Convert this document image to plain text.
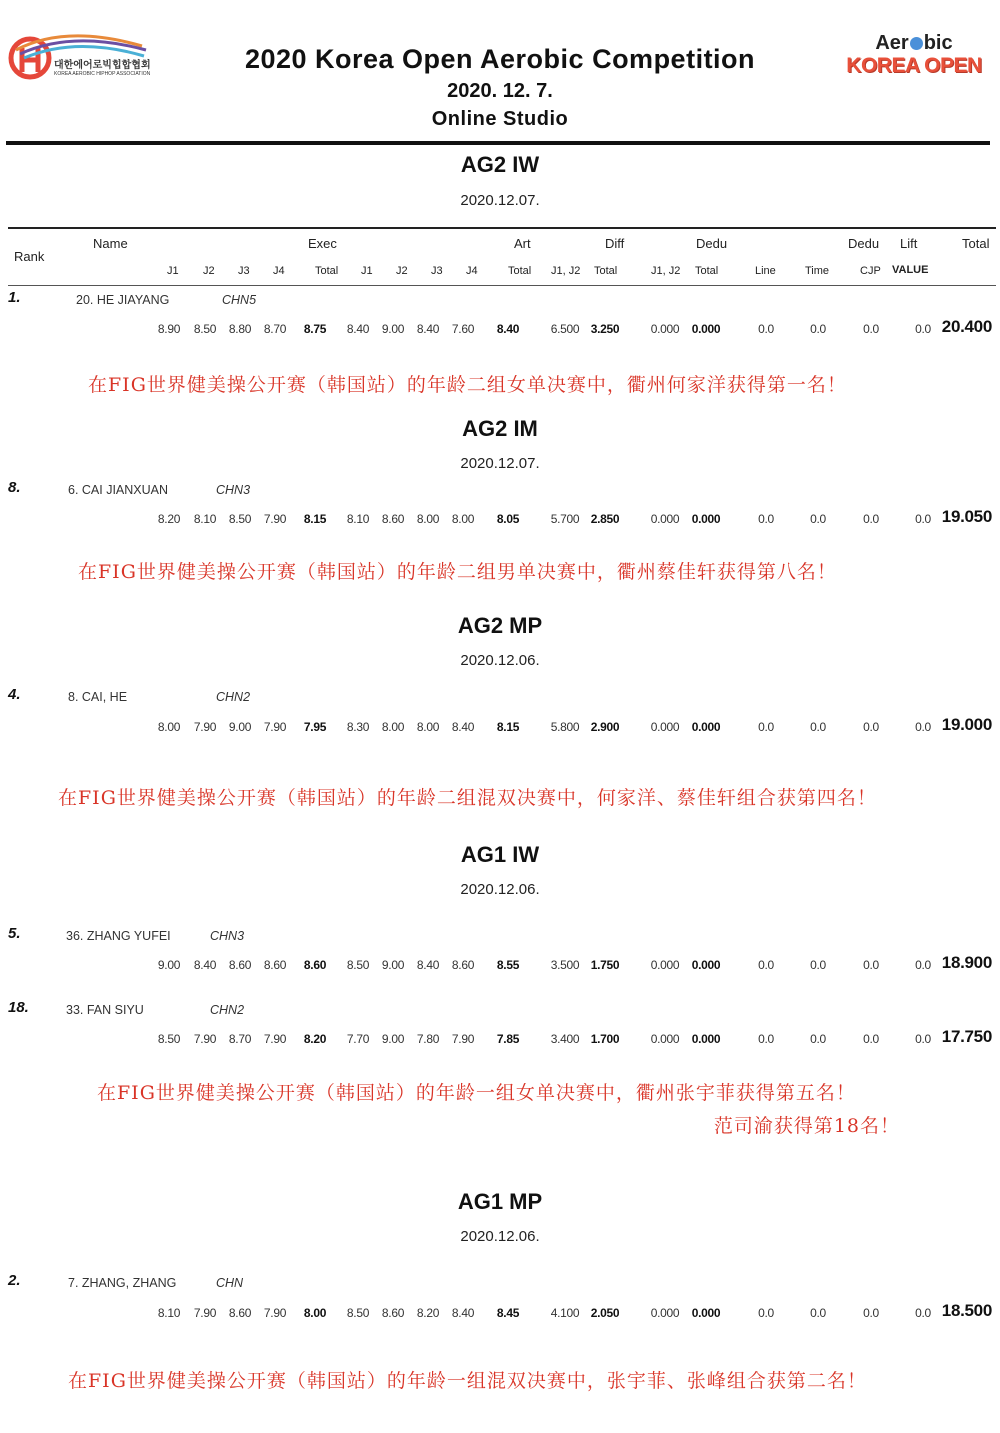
대한에어로빅힙합협회
KOREA AEROBIC HIPHOP ASSOCIATION
Aer bic
KOREA OPEN
2020 Korea Open Aerobic Competition
2020. 12. 7.
Online Studio
Rank
Name	Exec	Art	Diff	Dedu	Dedu Lift	Total
J1 J2 J3 J4	Total J1 J2 J3 J4	Total J1, J2 Total	J1, J2 Total	Line	Time	CJP VALUE
AG2 IW
2020.12.07.
1.	20. HE JIAYANG	CHN5
8.90 8.50 8.80 8.70 8.75 8.40 9.00 8.40 7.60 8.40	6.500 3.250	0.000 0.000	0.0	0.0	0.0	0.0 20.400
在FIG世界健美操公开赛（韩国站）的年龄二组女单决赛中，衢州何家洋获得第一名！
AG2 IM
2020.12.07.
8.	6. CAI JIANXUAN	CHN3
8.20 8.10 8.50 7.90 8.15 8.10 8.60 8.00 8.00 8.05	5.700 2.850	0.000 0.000	0.0	0.0	0.0	0.0 19.050
在FIG世界健美操公开赛（韩国站）的年龄二组男单决赛中，衢州蔡佳轩获得第八名！
AG2 MP
2020.12.06.
4.	8. CAI, HE	CHN2
8.00 7.90 9.00 7.90 7.95 8.30 8.00 8.00 8.40 8.15	5.800 2.900	0.000 0.000	0.0	0.0	0.0	0.0 19.000
在FIG世界健美操公开赛（韩国站）的年龄二组混双决赛中，何家洋、蔡佳轩组合获第四名！
AG1 IW
2020.12.06.
5.	36. ZHANG YUFEI	CHN3
9.00 8.40 8.60 8.60 8.60 8.50 9.00 8.40 8.60 8.55	3.500 1.750	0.000 0.000	0.0	0.0	0.0	0.0 18.900
18.	33. FAN SIYU	CHN2
8.50 7.90 8.70 7.90 8.20 7.70 9.00 7.80 7.90 7.85	3.400 1.700	0.000 0.000	0.0	0.0	0.0	0.0 17.750
在FIG世界健美操公开赛（韩国站）的年龄一组女单决赛中，衢州张宇菲获得第五名！
范司渝获得第18名！
AG1 MP
2020.12.06.
2.	7. ZHANG, ZHANG	CHN
8.10 7.90 8.60 7.90 8.00 8.50 8.60 8.20 8.40 8.45	4.100 2.050	0.000 0.000	0.0	0.0	0.0	0.0 18.500
在FIG世界健美操公开赛（韩国站）的年龄一组混双决赛中，张宇菲、张峰组合获第二名！
